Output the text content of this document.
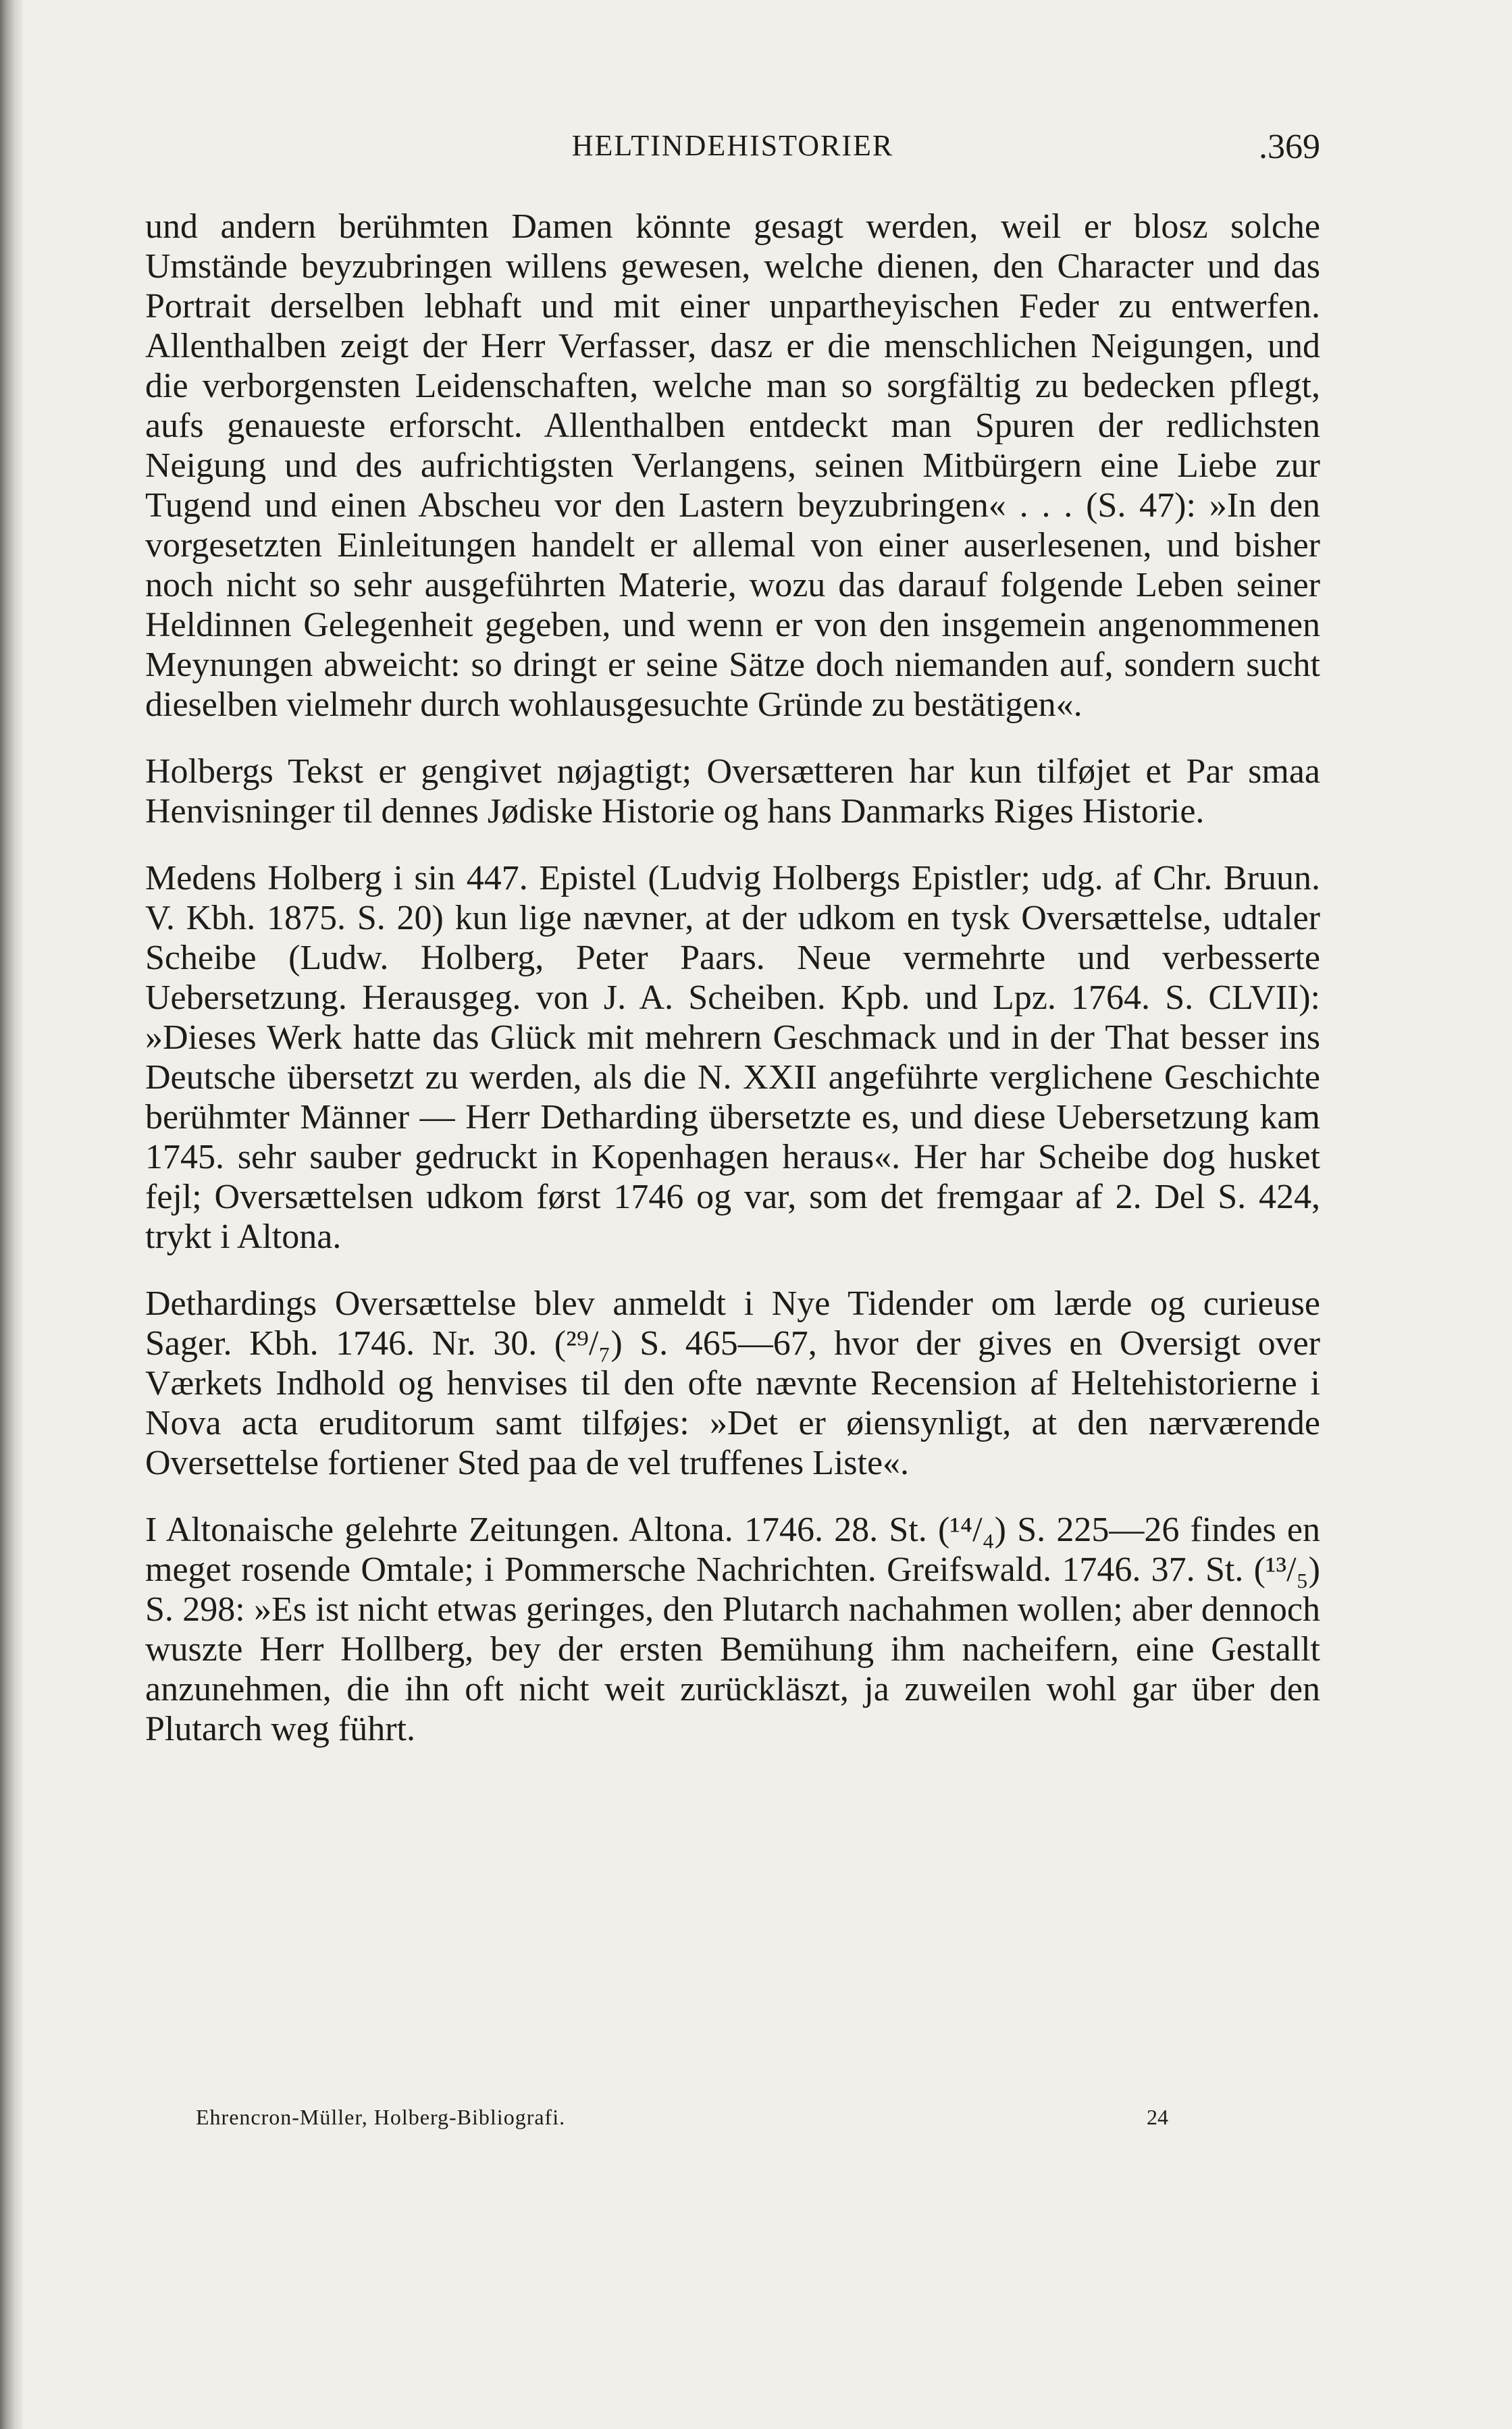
HELTINDEHISTORIER	.369

und andern berühmten Damen könnte gesagt werden, weil er blosz solche Umstände beyzubringen willens gewesen, welche dienen, den Character und das Portrait derselben lebhaft und mit einer unpartheyischen Feder zu entwerfen. Allenthalben zeigt der Herr Verfasser, dasz er die menschlichen Neigungen, und die verborgensten Leidenschaften, welche man so sorgfältig zu bedecken pflegt, aufs genaueste erforscht. Allenthalben entdeckt man Spuren der redlichsten Neigung und des aufrichtigsten Verlangens, seinen Mitbürgern eine Liebe zur Tugend und einen Abscheu vor den Lastern beyzubringen« . . . (S. 47): »In den vorgesetzten Einleitungen handelt er allemal von einer auserlesenen, und bisher noch nicht so sehr ausgeführten Materie, wozu das darauf folgende Leben seiner Heldinnen Gelegenheit gegeben, und wenn er von den insgemein angenommenen Meynungen abweicht: so dringt er seine Sätze doch niemanden auf, sondern sucht dieselben vielmehr durch wohlausgesuchte Gründe zu bestätigen«.

Holbergs Tekst er gengivet nøjagtigt; Oversætteren har kun tilføjet et Par smaa Henvisninger til dennes Jødiske Historie og hans Danmarks Riges Historie.

Medens Holberg i sin 447. Epistel (Ludvig Holbergs Epistler; udg. af Chr. Bruun. V. Kbh. 1875. S. 20) kun lige nævner, at der udkom en tysk Oversættelse, udtaler Scheibe (Ludw. Holberg, Peter Paars. Neue vermehrte und verbesserte Uebersetzung. Herausgeg. von J. A. Scheiben. Kpb. und Lpz. 1764. S. CLVII): »Dieses Werk hatte das Glück mit mehrern Geschmack und in der That besser ins Deutsche übersetzt zu werden, als die N. XXII angeführte verglichene Geschichte berühmter Männer — Herr Detharding übersetzte es, und diese Uebersetzung kam 1745. sehr sauber gedruckt in Kopenhagen heraus«. Her har Scheibe dog husket fejl; Oversættelsen udkom først 1746 og var, som det fremgaar af 2. Del S. 424, trykt i Altona.

Dethardings Oversættelse blev anmeldt i Nye Tidender om lærde og curieuse Sager. Kbh. 1746. Nr. 30. (²⁹/₇) S. 465—67, hvor der gives en Oversigt over Værkets Indhold og henvises til den ofte nævnte Recension af Heltehistorierne i Nova acta eruditorum samt tilføjes: »Det er øiensynligt, at den nærværende Oversettelse fortiener Sted paa de vel truffenes Liste«.

I Altonaische gelehrte Zeitungen. Altona. 1746. 28. St. (¹⁴/₄) S. 225—26 findes en meget rosende Omtale; i Pommersche Nachrichten. Greifswald. 1746. 37. St. (¹³/₅) S. 298: »Es ist nicht etwas geringes, den Plutarch nachahmen wollen; aber dennoch wuszte Herr Hollberg, bey der ersten Bemühung ihm nacheifern, eine Gestallt anzunehmen, die ihn oft nicht weit zurückläszt, ja zuweilen wohl gar über den Plutarch weg führt.

Ehrencron-Müller, Holberg-Bibliografi.	24
